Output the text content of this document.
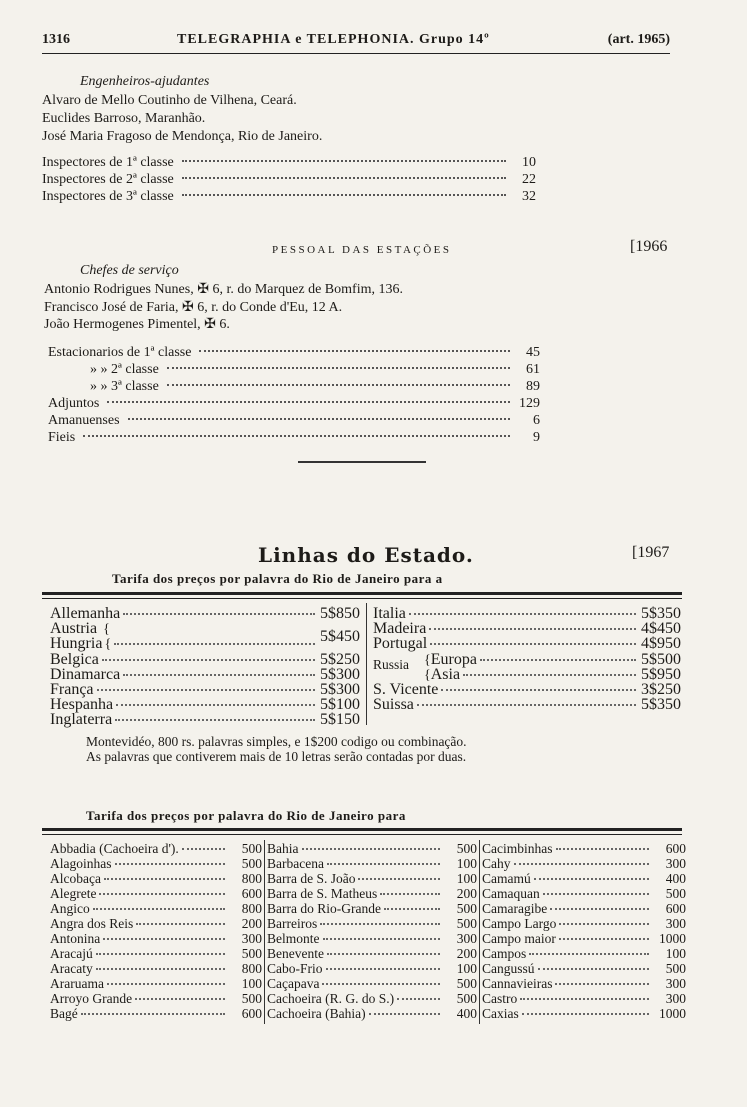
1316	TELEGRAPHIA e TELEPHONIA. Grupo 14º	(art. 1965)
Engenheiros-ajudantes
Alvaro de Mello Coutinho de Vilhena, Ceará.
Euclides Barroso, Maranhão.
José Maria Fragoso de Mendonça, Rio de Janeiro.
Inspectores de 1ª classe	10
Inspectores de 2ª classe	22
Inspectores de 3ª classe	32
PESSOAL DAS ESTAÇÕES	[1966
Chefes de serviço
Antonio Rodrigues Nunes, ✠ 6, r. do Marquez de Bomfim, 136.
Francisco José de Faria, ✠ 6, r. do Conde d'Eu, 12 A.
João Hermogenes Pimentel, ✠ 6.
Estacionarios de 1ª classe	45
» » 2ª classe	61
» » 3ª classe	89
Adjuntos	129
Amanuenses	6
Fieis	9
Linhas do Estado.	[1967
Tarifa dos preços por palavra do Rio de Janeiro para a
Allemanha	5$850
Austria {
Hungria {	5$450
Belgica	5$250
Dinamarca	5$300
França	5$300
Hespanha	5$100
Inglaterra	5$150
Italia	5$350
Madeira	4$450
Portugal	4$950
Russia { Europa	5$500
{ Asia	5$950
S. Vicente	3$250
Suissa	5$350
Montevidéo, 800 rs. palavras simples, e 1$200 codigo ou combinação.
As palavras que contiverem mais de 10 letras serão contadas por duas.
Tarifa dos preços por palavra do Rio de Janeiro para
Abbadia (Cachoeira d').	500
Alagoinhas	500
Alcobaça	800
Alegrete	600
Angico	800
Angra dos Reis	200
Antonina	300
Aracajú	500
Aracaty	800
Araruama	100
Arroyo Grande	500
Bagé	600
Bahia	500
Barbacena	100
Barra de S. João	100
Barra de S. Matheus	200
Barra do Rio-Grande	500
Barreiros	500
Belmonte	300
Benevente	200
Cabo-Frio	100
Caçapava	500
Cachoeira (R. G. do S.)	500
Cachoeira (Bahia)	400
Cacimbinhas	600
Cahy	300
Camamú	400
Camaquan	500
Camaragibe	600
Campo Largo	300
Campo maior	1000
Campos	100
Cangussú	500
Cannavieiras	300
Castro	300
Caxias	1000
